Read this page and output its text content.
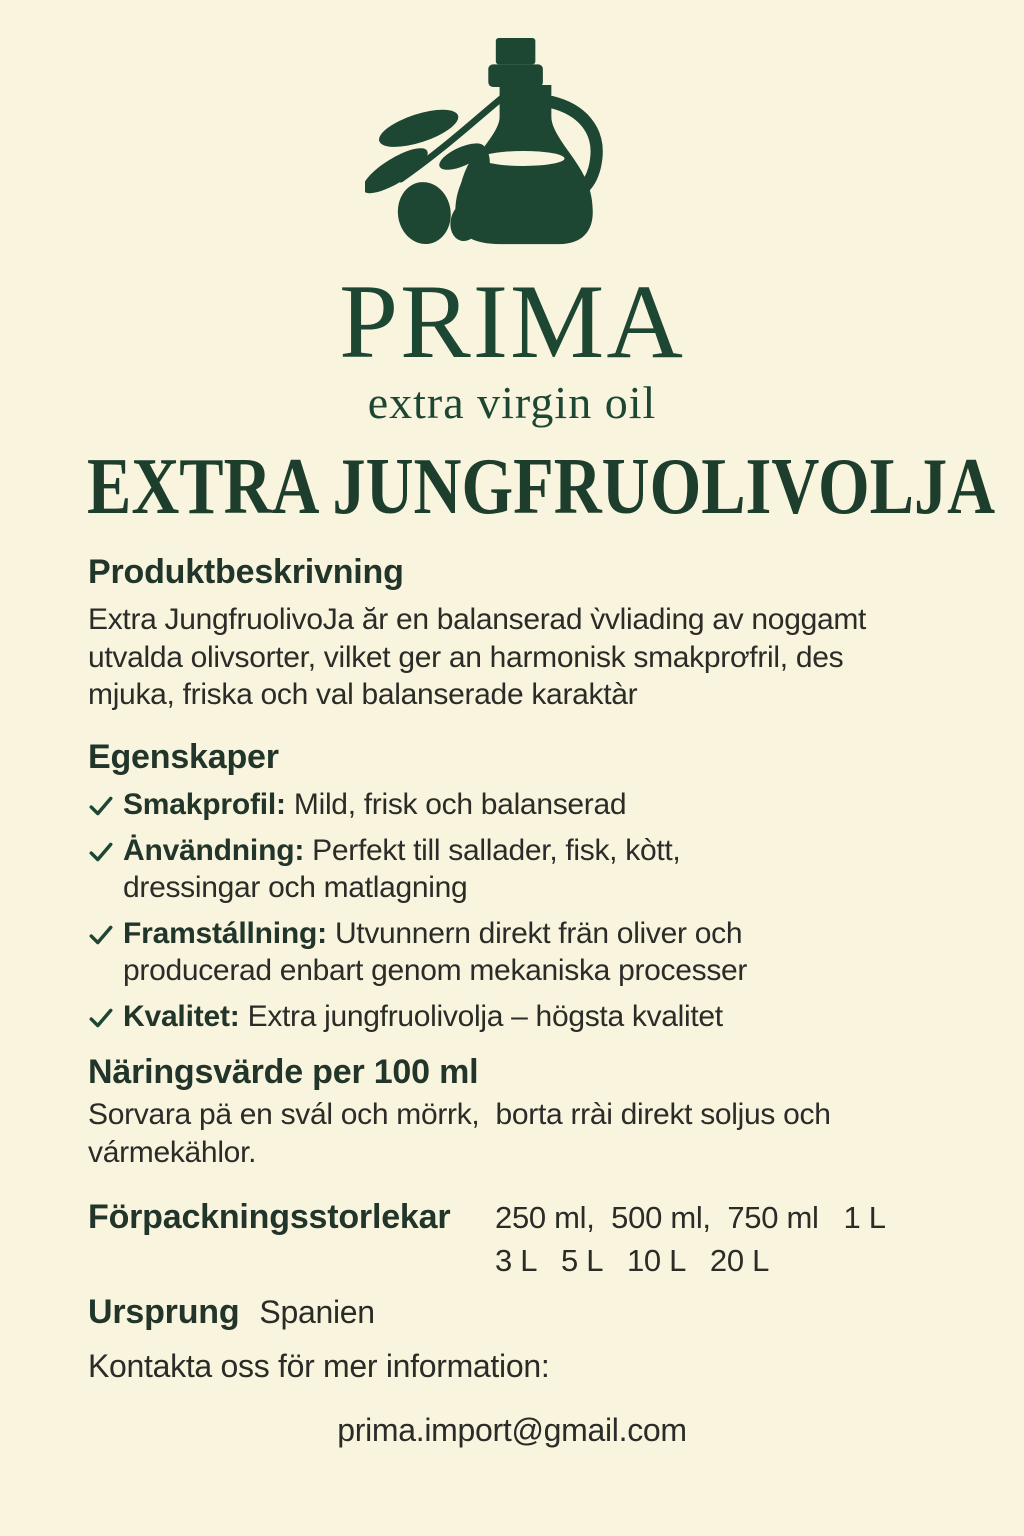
PRIMA
extra virgin oil
EXTRA JUNGFRUOLIVOLJA
Produktbeskrivning
Extra JungfruolivoJa ăr en balanserad v̀vliading av noggamt
utvalda olivsorter, vilket ger an harmonisk smakprơfril, des
mjuka, friska och val balanserade karaktàr
Egenskaper
Smakprofil: Mild, frisk och balanserad
Ȧnvändning: Perfekt till sallader, fisk, kòtt,
dressingar och matlagning
Framstállning: Utvunnern direkt frän oliver och
producerad enbart genom mekaniska processer
Kvalitet: Extra jungfruolivolja – högsta kvalitet
Näringsvärde per 100 ml
Sorvara pä en svál och mörrk,  borta rrài direkt soljus och
vármekählor.
Förpackningsstorlekar	250 ml,  500 ml,  750 ml   1 L
3 L   5 L   10 L   20 L
Ursprung Spanien
Kontakta oss för mer information:
prima.import@gmail.com
